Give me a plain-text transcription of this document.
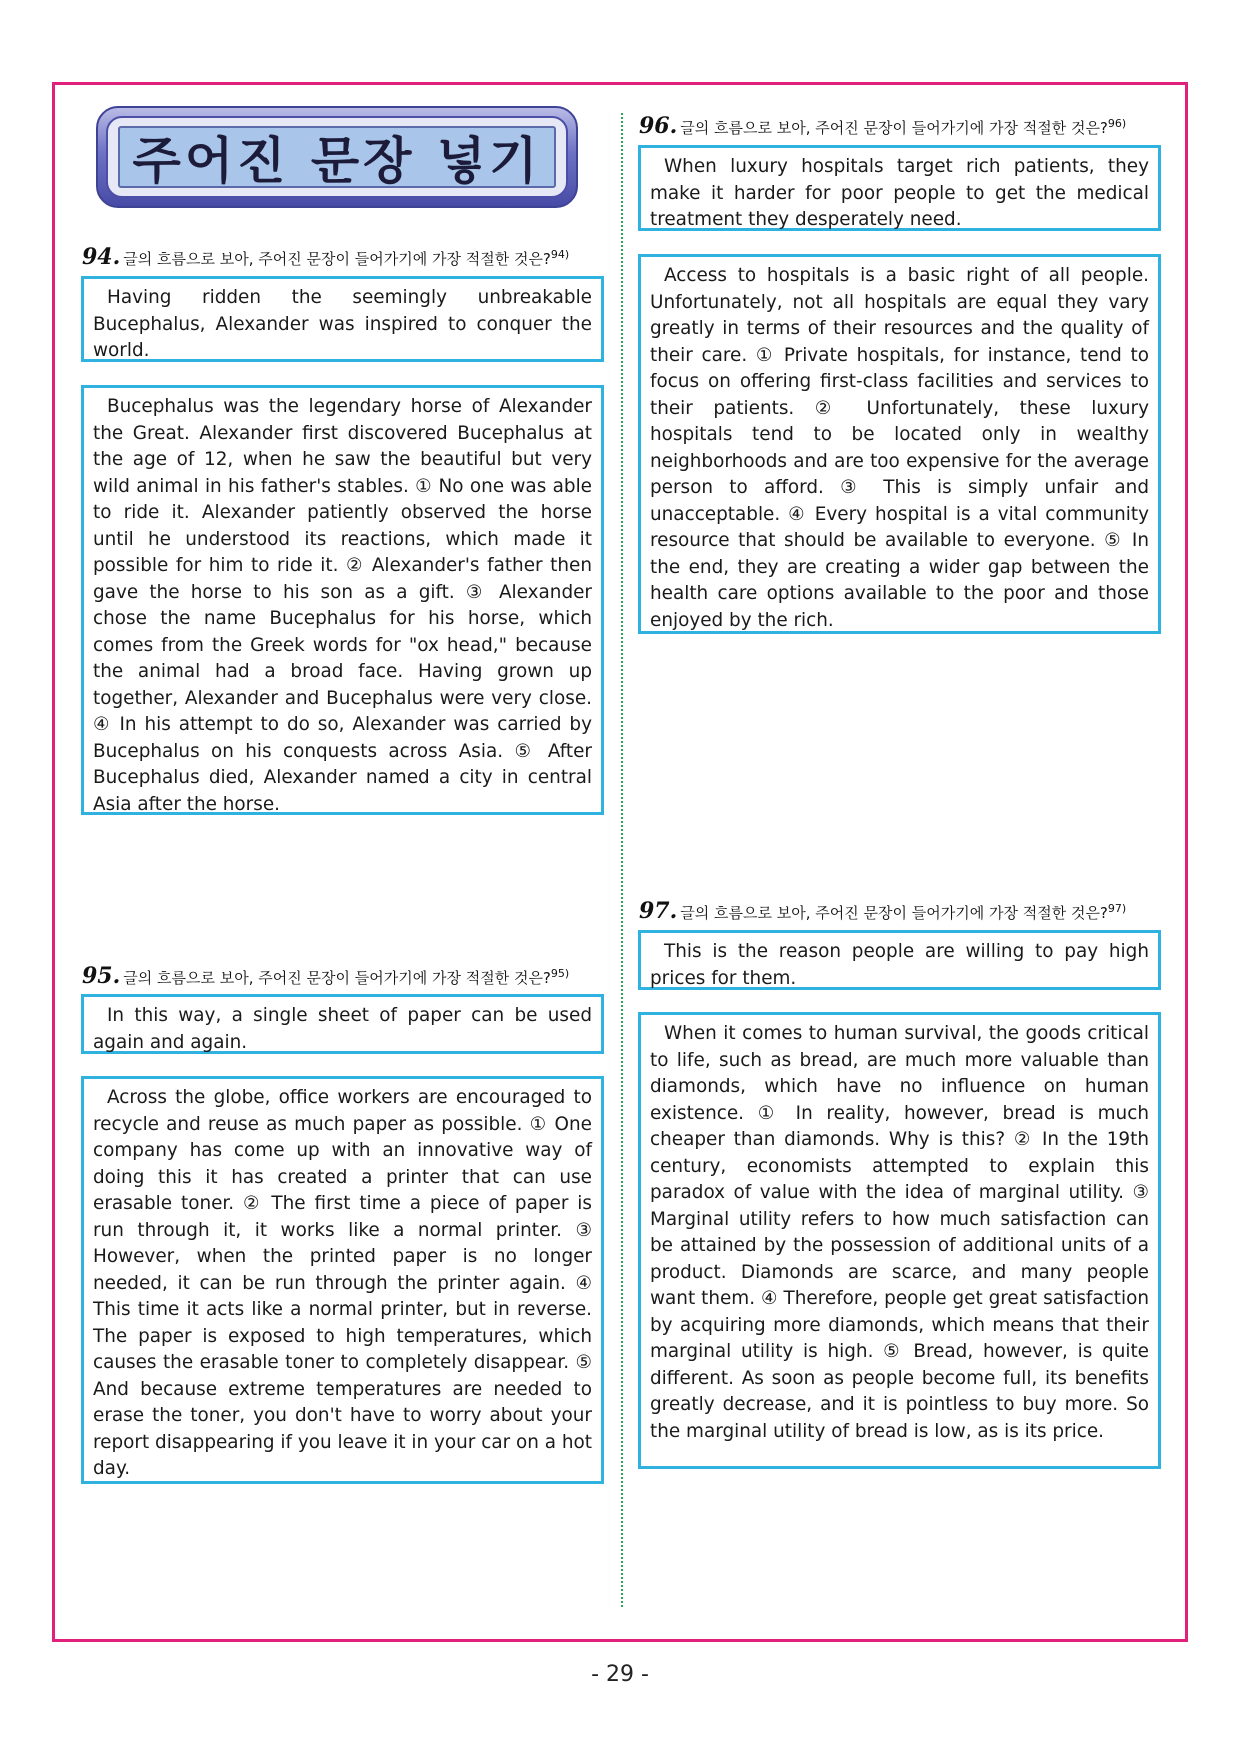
주어진 문장 넣기
94. 글의 흐름으로 보아, 주어진 문장이 들어가기에 가장 적절한 것은?$^{94)}$
Having ridden the seemingly unbreakable Bucephalus, Alexander was inspired to conquer the world.
Bucephalus was the legendary horse of Alexander the Great. Alexander first discovered Bucephalus at the age of 12, when he saw the beautiful but very wild animal in his father's stables. ① No one was able to ride it. Alexander patiently observed the horse until he understood its reactions, which made it possible for him to ride it. ② Alexander's father then gave the horse to his son as a gift. ③ Alexander chose the name Bucephalus for his horse, which comes from the Greek words for "ox head," because the animal had a broad face. Having grown up together, Alexander and Bucephalus were very close. ④ In his attempt to do so, Alexander was carried by Bucephalus on his conquests across Asia. ⑤ After Bucephalus died, Alexander named a city in central Asia after the horse.
95. 글의 흐름으로 보아, 주어진 문장이 들어가기에 가장 적절한 것은?$^{95)}$
In this way, a single sheet of paper can be used again and again.
Across the globe, office workers are encouraged to recycle and reuse as much paper as possible. ① One company has come up with an innovative way of doing this it has created a printer that can use erasable toner. ② The first time a piece of paper is run through it, it works like a normal printer. ③ However, when the printed paper is no longer needed, it can be run through the printer again. ④ This time it acts like a normal printer, but in reverse. The paper is exposed to high temperatures, which causes the erasable toner to completely disappear. ⑤ And because extreme temperatures are needed to erase the toner, you don't have to worry about your report disappearing if you leave it in your car on a hot day.
96. 글의 흐름으로 보아, 주어진 문장이 들어가기에 가장 적절한 것은?$^{96)}$
When luxury hospitals target rich patients, they make it harder for poor people to get the medical treatment they desperately need.
Access to hospitals is a basic right of all people. Unfortunately, not all hospitals are equal they vary greatly in terms of their resources and the quality of their care. ① Private hospitals, for instance, tend to focus on offering first-class facilities and services to their patients. ② Unfortunately, these luxury hospitals tend to be located only in wealthy neighborhoods and are too expensive for the average person to afford. ③ This is simply unfair and unacceptable. ④ Every hospital is a vital community resource that should be available to everyone. ⑤ In the end, they are creating a wider gap between the health care options available to the poor and those enjoyed by the rich.
97. 글의 흐름으로 보아, 주어진 문장이 들어가기에 가장 적절한 것은?$^{97)}$
This is the reason people are willing to pay high prices for them.
When it comes to human survival, the goods critical to life, such as bread, are much more valuable than diamonds, which have no influence on human existence. ① In reality, however, bread is much cheaper than diamonds. Why is this? ② In the 19th century, economists attempted to explain this paradox of value with the idea of marginal utility. ③ Marginal utility refers to how much satisfaction can be attained by the possession of additional units of a product. Diamonds are scarce, and many people want them. ④ Therefore, people get great satisfaction by acquiring more diamonds, which means that their marginal utility is high. ⑤ Bread, however, is quite different. As soon as people become full, its benefits greatly decrease, and it is pointless to buy more. So the marginal utility of bread is low, as is its price.
- 29 -
